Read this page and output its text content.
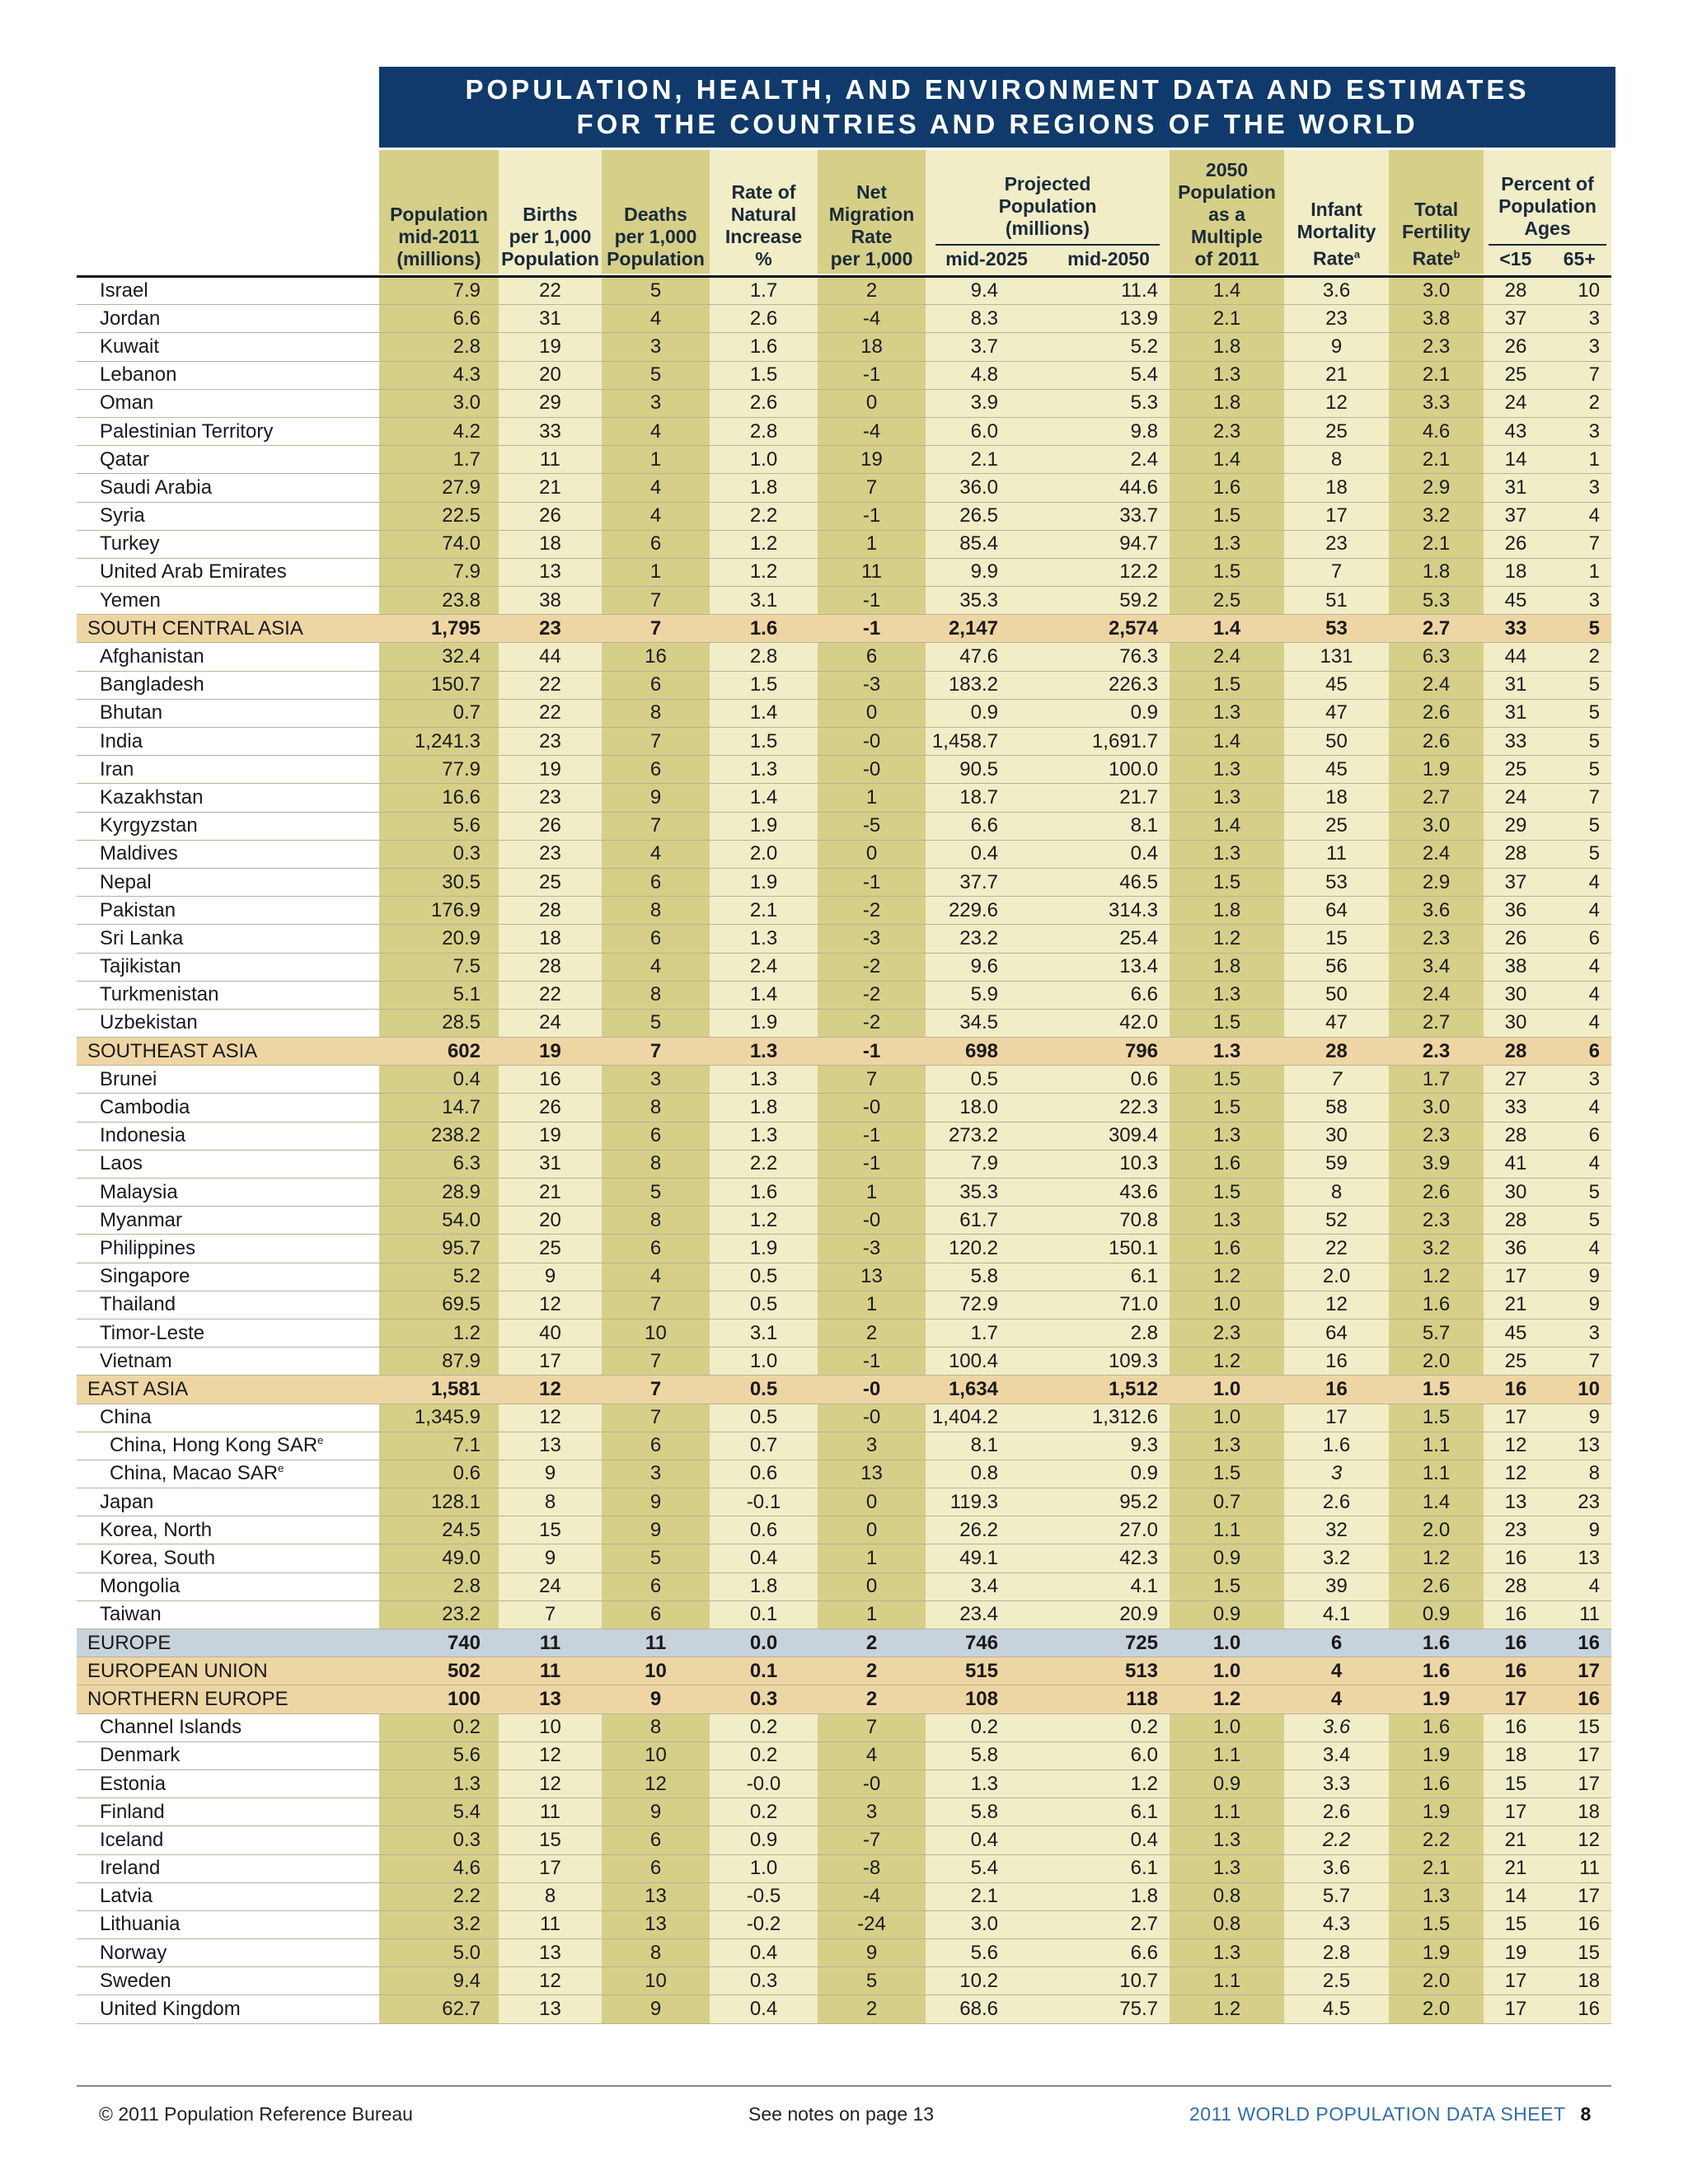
POPULATION, HEALTH, AND ENVIRONMENT DATA AND ESTIMATES
FOR THE COUNTRIES AND REGIONS OF THE WORLD
Population
mid-2011
(millions)
Births
per 1,000
Population
Deaths
per 1,000
Population
Rate of
Natural
Increase
%
Net
Migration
Rate
per 1,000
Projected
Population
(millions)
mid-2025 mid-2050
2050
Population
as a
Multiple
of 2011
Infant
Mortality
Rate$^a$
Total
Fertility
Rate$^b$
Percent of
Population
Ages
<15 65+
Israel	7.9	22	5	1.7	2	9.4	11.4	1.4	3.6	3.0	28	10
Jordan	6.6	31	4	2.6	-4	8.3	13.9	2.1	23	3.8	37	3
Kuwait	2.8	19	3	1.6	18	3.7	5.2	1.8	9	2.3	26	3
Lebanon	4.3	20	5	1.5	-1	4.8	5.4	1.3	21	2.1	25	7
Oman	3.0	29	3	2.6	0	3.9	5.3	1.8	12	3.3	24	2
Palestinian Territory	4.2	33	4	2.8	-4	6.0	9.8	2.3	25	4.6	43	3
Qatar	1.7	11	1	1.0	19	2.1	2.4	1.4	8	2.1	14	1
Saudi Arabia	27.9	21	4	1.8	7	36.0	44.6	1.6	18	2.9	31	3
Syria	22.5	26	4	2.2	-1	26.5	33.7	1.5	17	3.2	37	4
Turkey	74.0	18	6	1.2	1	85.4	94.7	1.3	23	2.1	26	7
United Arab Emirates	7.9	13	1	1.2	11	9.9	12.2	1.5	7	1.8	18	1
Yemen	23.8	38	7	3.1	-1	35.3	59.2	2.5	51	5.3	45	3
SOUTH CENTRAL ASIA	1,795	23	7	1.6	-1	2,147	2,574	1.4	53	2.7	33	5
Afghanistan	32.4	44	16	2.8	6	47.6	76.3	2.4	131	6.3	44	2
Bangladesh	150.7	22	6	1.5	-3	183.2	226.3	1.5	45	2.4	31	5
Bhutan	0.7	22	8	1.4	0	0.9	0.9	1.3	47	2.6	31	5
India	1,241.3	23	7	1.5	-0	1,458.7	1,691.7	1.4	50	2.6	33	5
Iran	77.9	19	6	1.3	-0	90.5	100.0	1.3	45	1.9	25	5
Kazakhstan	16.6	23	9	1.4	1	18.7	21.7	1.3	18	2.7	24	7
Kyrgyzstan	5.6	26	7	1.9	-5	6.6	8.1	1.4	25	3.0	29	5
Maldives	0.3	23	4	2.0	0	0.4	0.4	1.3	11	2.4	28	5
Nepal	30.5	25	6	1.9	-1	37.7	46.5	1.5	53	2.9	37	4
Pakistan	176.9	28	8	2.1	-2	229.6	314.3	1.8	64	3.6	36	4
Sri Lanka	20.9	18	6	1.3	-3	23.2	25.4	1.2	15	2.3	26	6
Tajikistan	7.5	28	4	2.4	-2	9.6	13.4	1.8	56	3.4	38	4
Turkmenistan	5.1	22	8	1.4	-2	5.9	6.6	1.3	50	2.4	30	4
Uzbekistan	28.5	24	5	1.9	-2	34.5	42.0	1.5	47	2.7	30	4
SOUTHEAST ASIA	602	19	7	1.3	-1	698	796	1.3	28	2.3	28	6
Brunei	0.4	16	3	1.3	7	0.5	0.6	1.5	7	1.7	27	3
Cambodia	14.7	26	8	1.8	-0	18.0	22.3	1.5	58	3.0	33	4
Indonesia	238.2	19	6	1.3	-1	273.2	309.4	1.3	30	2.3	28	6
Laos	6.3	31	8	2.2	-1	7.9	10.3	1.6	59	3.9	41	4
Malaysia	28.9	21	5	1.6	1	35.3	43.6	1.5	8	2.6	30	5
Myanmar	54.0	20	8	1.2	-0	61.7	70.8	1.3	52	2.3	28	5
Philippines	95.7	25	6	1.9	-3	120.2	150.1	1.6	22	3.2	36	4
Singapore	5.2	9	4	0.5	13	5.8	6.1	1.2	2.0	1.2	17	9
Thailand	69.5	12	7	0.5	1	72.9	71.0	1.0	12	1.6	21	9
Timor-Leste	1.2	40	10	3.1	2	1.7	2.8	2.3	64	5.7	45	3
Vietnam	87.9	17	7	1.0	-1	100.4	109.3	1.2	16	2.0	25	7
EAST ASIA	1,581	12	7	0.5	-0	1,634	1,512	1.0	16	1.5	16	10
China	1,345.9	12	7	0.5	-0	1,404.2	1,312.6	1.0	17	1.5	17	9
China, Hong Kong SAR$^e$	7.1	13	6	0.7	3	8.1	9.3	1.3	1.6	1.1	12	13
China, Macao SAR$^e$	0.6	9	3	0.6	13	0.8	0.9	1.5	3	1.1	12	8
Japan	128.1	8	9	-0.1	0	119.3	95.2	0.7	2.6	1.4	13	23
Korea, North	24.5	15	9	0.6	0	26.2	27.0	1.1	32	2.0	23	9
Korea, South	49.0	9	5	0.4	1	49.1	42.3	0.9	3.2	1.2	16	13
Mongolia	2.8	24	6	1.8	0	3.4	4.1	1.5	39	2.6	28	4
Taiwan	23.2	7	6	0.1	1	23.4	20.9	0.9	4.1	0.9	16	11
EUROPE	740	11	11	0.0	2	746	725	1.0	6	1.6	16	16
EUROPEAN UNION	502	11	10	0.1	2	515	513	1.0	4	1.6	16	17
NORTHERN EUROPE	100	13	9	0.3	2	108	118	1.2	4	1.9	17	16
Channel Islands	0.2	10	8	0.2	7	0.2	0.2	1.0	3.6	1.6	16	15
Denmark	5.6	12	10	0.2	4	5.8	6.0	1.1	3.4	1.9	18	17
Estonia	1.3	12	12	-0.0	-0	1.3	1.2	0.9	3.3	1.6	15	17
Finland	5.4	11	9	0.2	3	5.8	6.1	1.1	2.6	1.9	17	18
Iceland	0.3	15	6	0.9	-7	0.4	0.4	1.3	2.2	2.2	21	12
Ireland	4.6	17	6	1.0	-8	5.4	6.1	1.3	3.6	2.1	21	11
Latvia	2.2	8	13	-0.5	-4	2.1	1.8	0.8	5.7	1.3	14	17
Lithuania	3.2	11	13	-0.2	-24	3.0	2.7	0.8	4.3	1.5	15	16
Norway	5.0	13	8	0.4	9	5.6	6.6	1.3	2.8	1.9	19	15
Sweden	9.4	12	10	0.3	5	10.2	10.7	1.1	2.5	2.0	17	18
United Kingdom	62.7	13	9	0.4	2	68.6	75.7	1.2	4.5	2.0	17	16
© 2011 Population Reference Bureau	See notes on page 13	2011 WORLD POPULATION DATA SHEET 8
